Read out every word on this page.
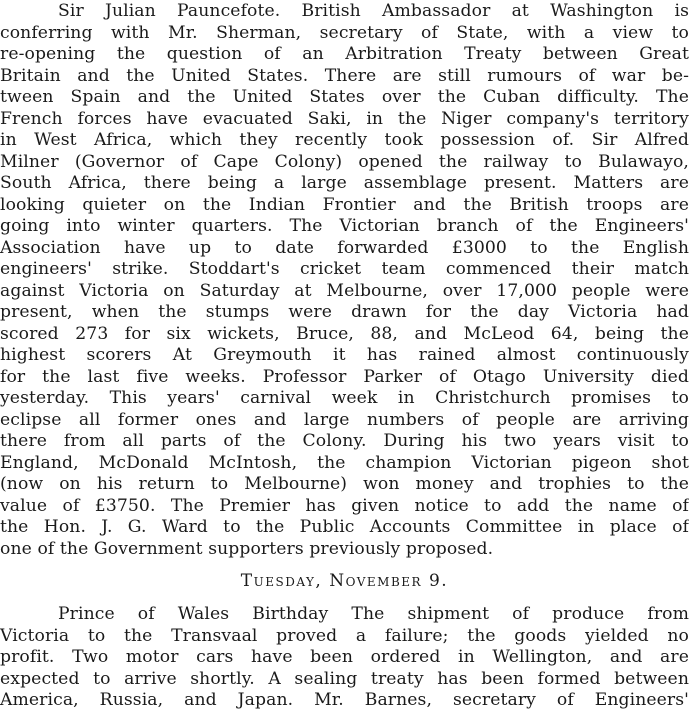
Sir Julian Pauncefote. British Ambassador at Washington is
conferring with Mr. Sherman, secretary of State, with a view to
re-opening the question of an Arbitration Treaty between Great
Britain and the United States. There are still rumours of war be-
tween Spain and the United States over the Cuban difficulty. The
French forces have evacuated Saki, in the Niger company's territory
in West Africa, which they recently took possession of. Sir Alfred
Milner (Governor of Cape Colony) opened the railway to Bulawayo,
South Africa, there being a large assemblage present. Matters are
looking quieter on the Indian Frontier and the British troops are
going into winter quarters. The Victorian branch of the Engineers'
Association have up to date forwarded £3000 to the English
engineers' strike. Stoddart's cricket team commenced their match
against Victoria on Saturday at Melbourne, over 17,000 people were
present, when the stumps were drawn for the day Victoria had
scored 273 for six wickets, Bruce, 88, and McLeod 64, being the
highest scorers At Greymouth it has rained almost continuously
for the last five weeks. Professor Parker of Otago University died
yesterday. This years' carnival week in Christchurch promises to
eclipse all former ones and large numbers of people are arriving
there from all parts of the Colony. During his two years visit to
England, McDonald McIntosh, the champion Victorian pigeon shot
(now on his return to Melbourne) won money and trophies to the
value of £3750. The Premier has given notice to add the name of
the Hon. J. G. Ward to the Public Accounts Committee in place of
one of the Government supporters previously proposed.
Tuesday, November 9.
Prince of Wales Birthday The shipment of produce from
Victoria to the Transvaal proved a failure; the goods yielded no
profit. Two motor cars have been ordered in Wellington, and are
expected to arrive shortly. A sealing treaty has been formed between
America, Russia, and Japan. Mr. Barnes, secretary of Engineers'
